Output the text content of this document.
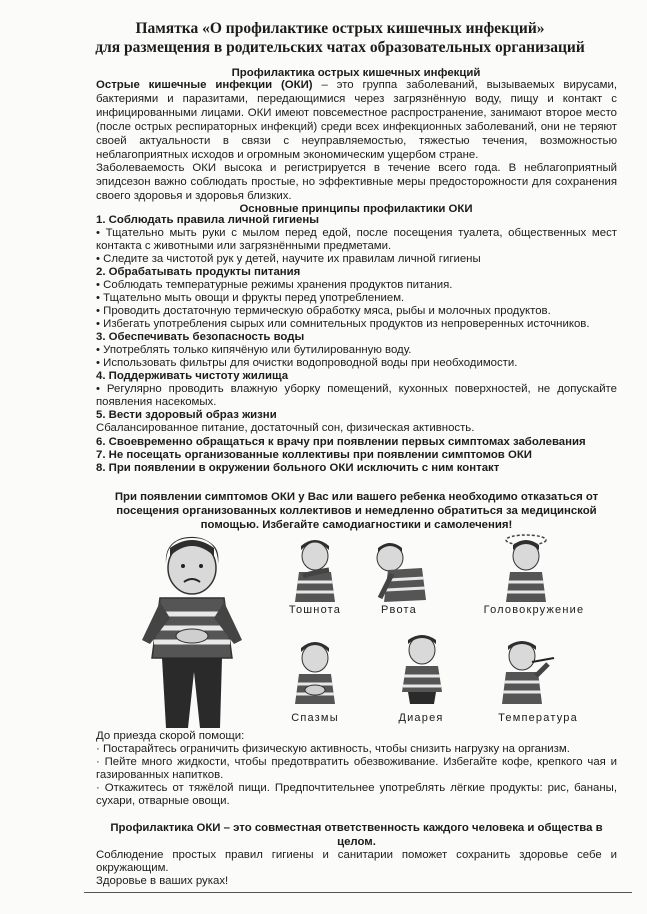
Памятка «О профилактике острых кишечных инфекций»
для размещения в родительских чатах образовательных организаций
Профилактика острых кишечных инфекций

Острые кишечные инфекции (ОКИ) – это группа заболеваний, вызываемых вирусами, бактериями и паразитами, передающимися через загрязнённую воду, пищу и контакт с инфицированными лицами. ОКИ имеют повсеместное распространение, занимают второе место (после острых респираторных инфекций) среди всех инфекционных заболеваний, они не теряют своей актуальности в связи с неуправляемостью, тяжестью течения, возможностью неблагоприятных исходов и огромным экономическим ущербом стране.

Заболеваемость ОКИ высока и регистрируется в течение всего года. В неблагоприятный эпидсезон важно соблюдать простые, но эффективные меры предосторожности для сохранения своего здоровья и здоровья близких.

Основные принципы профилактики ОКИ
1. Соблюдать правила личной гигиены
• Тщательно мыть руки с мылом перед едой, после посещения туалета, общественных мест контакта с животными или загрязнёнными предметами.
• Следите за чистотой рук у детей, научите их правилам личной гигиены
2. Обрабатывать продукты питания
• Соблюдать температурные режимы хранения продуктов питания.
• Тщательно мыть овощи и фрукты перед употреблением.
• Проводить достаточную термическую обработку мяса, рыбы и молочных продуктов.
• Избегать употребления сырых или сомнительных продуктов из непроверенных источников.
3. Обеспечивать безопасность воды
• Употреблять только кипячёную или бутилированную воду.
• Использовать фильтры для очистки водопроводной воды при необходимости.
4. Поддерживать чистоту жилища
• Регулярно проводить влажную уборку помещений, кухонных поверхностей, не допускайте появления насекомых.
5. Вести здоровый образ жизни
Сбалансированное питание, достаточный сон, физическая активность.
6. Своевременно обращаться к врачу при появлении первых симптомах заболевания
7. Не посещать организованные коллективы при появлении симптомов ОКИ
8. При появлении в окружении больного ОКИ исключить с ним контакт
При появлении симптомов ОКИ у Вас или вашего ребенка необходимо отказаться от посещения организованных коллективов и немедленно обратиться за медицинской помощью. Избегайте самодиагностики и самолечения!
Тошнота	Рвота	Головокружение
Спазмы	Диарея	Температура
До приезда скорой помощи:
· Постарайтесь ограничить физическую активность, чтобы снизить нагрузку на организм.
· Пейте много жидкости, чтобы предотвратить обезвоживание. Избегайте кофе, крепкого чая и газированных напитков.
· Откажитесь от тяжёлой пищи. Предпочтительнее употреблять лёгкие продукты: рис, бананы, сухари, отварные овощи.
Профилактика ОКИ – это совместная ответственность каждого человека и общества в целом.
Соблюдение простых правил гигиены и санитарии поможет сохранить здоровье себе и окружающим.
Здоровье в ваших руках!
